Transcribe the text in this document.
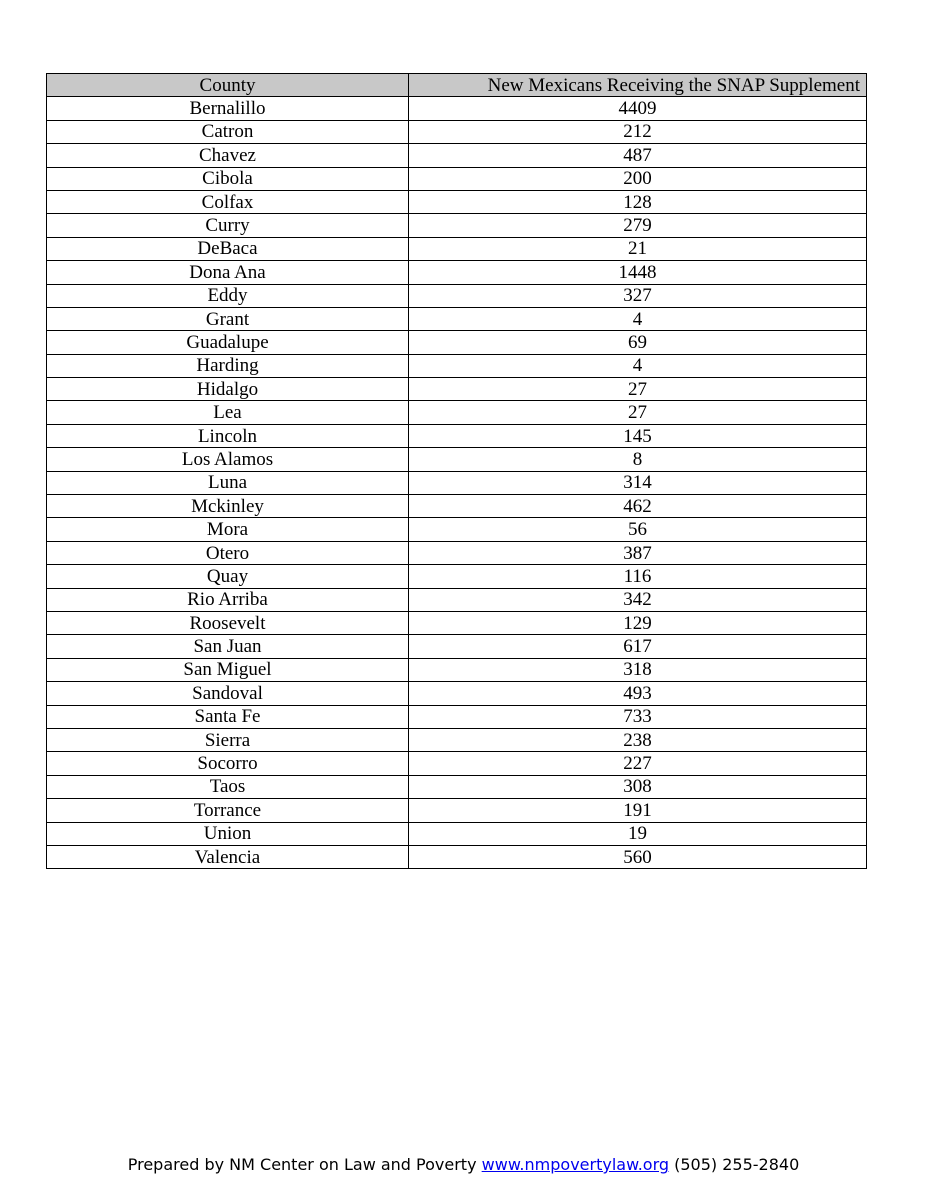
County	New Mexicans Receiving the SNAP Supplement
Bernalillo	4409
Catron	212
Chavez	487
Cibola	200
Colfax	128
Curry	279
DeBaca	21
Dona Ana	1448
Eddy	327
Grant	4
Guadalupe	69
Harding	4
Hidalgo	27
Lea	27
Lincoln	145
Los Alamos	8
Luna	314
Mckinley	462
Mora	56
Otero	387
Quay	116
Rio Arriba	342
Roosevelt	129
San Juan	617
San Miguel	318
Sandoval	493
Santa Fe	733
Sierra	238
Socorro	227
Taos	308
Torrance	191
Union	19
Valencia	560
Prepared by NM Center on Law and Poverty www.nmpovertylaw.org (505) 255-2840
